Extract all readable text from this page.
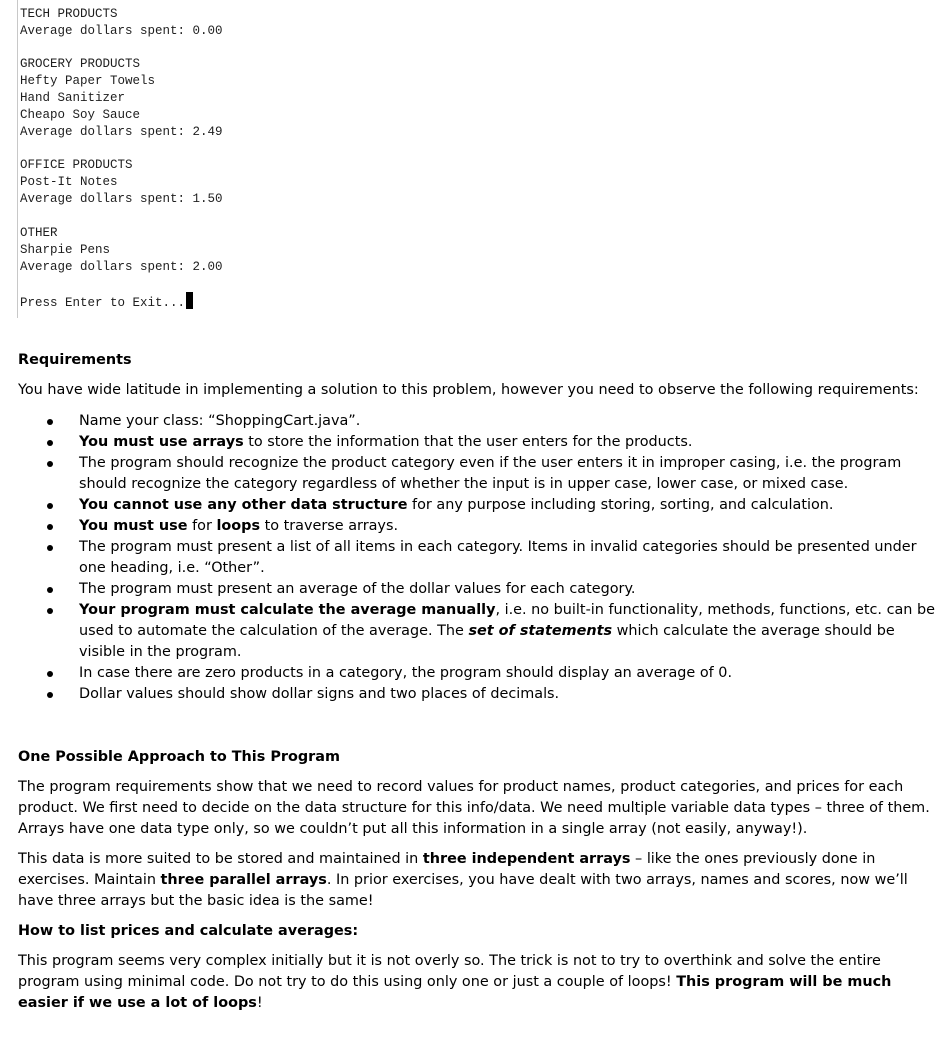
TECH PRODUCTS
Average dollars spent: 0.00
GROCERY PRODUCTS
Hefty Paper Towels
Hand Sanitizer
Cheapo Soy Sauce
Average dollars spent: 2.49
OFFICE PRODUCTS
Post-It Notes
Average dollars spent: 1.50
OTHER
Sharpie Pens
Average dollars spent: 2.00
Press Enter to Exit...

Requirements

You have wide latitude in implementing a solution to this problem, however you need to observe the following requirements:

Name your class: “ShoppingCart.java”.
You must use arrays to store the information that the user enters for the products.
The program should recognize the product category even if the user enters it in improper casing, i.e. the program should recognize the category regardless of whether the input is in upper case, lower case, or mixed case.
You cannot use any other data structure for any purpose including storing, sorting, and calculation.
You must use for loops to traverse arrays.
The program must present a list of all items in each category. Items in invalid categories should be presented under one heading, i.e. “Other”.
The program must present an average of the dollar values for each category.
Your program must calculate the average manually, i.e. no built-in functionality, methods, functions, etc. can be used to automate the calculation of the average. The set of statements which calculate the average should be visible in the program.
In case there are zero products in a category, the program should display an average of 0.
Dollar values should show dollar signs and two places of decimals.

One Possible Approach to This Program

The program requirements show that we need to record values for product names, product categories, and prices for each product. We first need to decide on the data structure for this info/data. We need multiple variable data types – three of them. Arrays have one data type only, so we couldn’t put all this information in a single array (not easily, anyway!).

This data is more suited to be stored and maintained in three independent arrays – like the ones previously done in exercises. Maintain three parallel arrays. In prior exercises, you have dealt with two arrays, names and scores, now we’ll have three arrays but the basic idea is the same!

How to list prices and calculate averages:

This program seems very complex initially but it is not overly so. The trick is not to try to overthink and solve the entire program using minimal code. Do not try to do this using only one or just a couple of loops! This program will be much easier if we use a lot of loops!
